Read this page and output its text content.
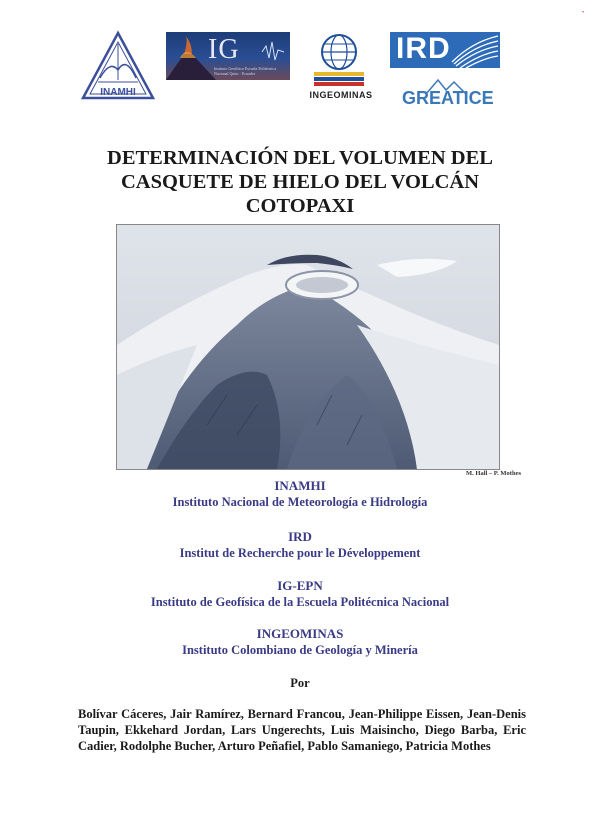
INAMHI
IG
Instituto Geofísico Escuela Politécnica Nacional Quito · Ecuador
INGEOMINAS
IRD
GREATICE
DETERMINACIÓN DEL VOLUMEN DEL
CASQUETE DE HIELO DEL VOLCÁN
COTOPAXI
M. Hall – P. Mothes
INAMHI
Instituto Nacional de Meteorología e Hidrología
IRD
Institut de Recherche pour le Développement
IG-EPN
Instituto de Geofísica de la Escuela Politécnica Nacional
INGEOMINAS
Instituto Colombiano de Geología y Minería
Por
Bolívar Cáceres, Jair Ramírez, Bernard Francou, Jean-Philippe Eissen, Jean-Denis Taupin, Ekkehard Jordan, Lars Ungerechts, Luis Maisincho, Diego Barba, Eric Cadier, Rodolphe Bucher, Arturo Peñafiel, Pablo Samaniego, Patricia Mothes
•
